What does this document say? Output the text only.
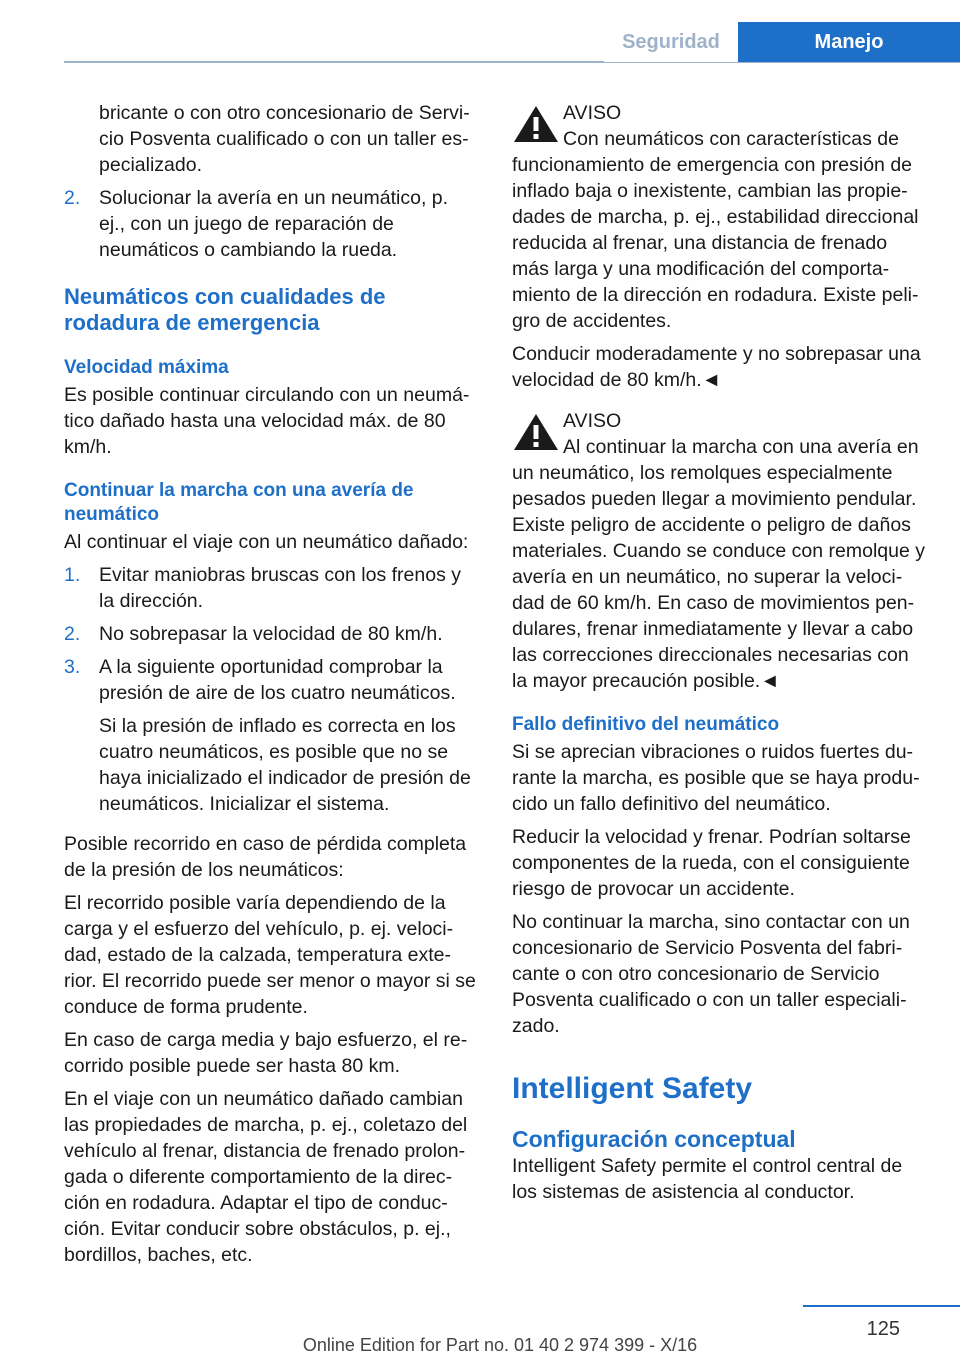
Seguridad	Manejo
bricante o con otro concesionario de Servi‐cio Posventa cualificado o con un taller es‐pecializado.
2. Solucionar la avería en un neumático, p. ej., con un juego de reparación de neumáticos o cambiando la rueda.
Neumáticos con cualidades de rodadura de emergencia
Velocidad máxima

Es posible continuar circulando con un neumá‐tico dañado hasta una velocidad máx. de 80 km/h.

Continuar la marcha con una avería de neumático

Al continuar el viaje con un neumático dañado:

1. Evitar maniobras bruscas con los frenos y la dirección.
2. No sobrepasar la velocidad de 80 km/h.
3. A la siguiente oportunidad comprobar la presión de aire de los cuatro neumáticos.

Si la presión de inflado es correcta en los cuatro neumáticos, es posible que no se haya inicializado el indicador de presión de neumáticos. Inicializar el sistema.

Posible recorrido en caso de pérdida completa de la presión de los neumáticos:

El recorrido posible varía dependiendo de la carga y el esfuerzo del vehículo, p. ej. veloci‐dad, estado de la calzada, temperatura exte‐rior. El recorrido puede ser menor o mayor si se conduce de forma prudente.

En caso de carga media y bajo esfuerzo, el re‐corrido posible puede ser hasta 80 km.

En el viaje con un neumático dañado cambian las propiedades de marcha, p. ej., coletazo del vehículo al frenar, distancia de frenado prolon‐gada o diferente comportamiento de la direc‐ción en rodadura. Adaptar el tipo de conduc‐ción. Evitar conducir sobre obstáculos, p. ej., bordillos, baches, etc.

AVISO

Con neumáticos con características de funcionamiento de emergencia con presión de inflado baja o inexistente, cambian las propie‐dades de marcha, p. ej., estabilidad direccional reducida al frenar, una distancia de frenado más larga y una modificación del comporta‐miento de la dirección en rodadura. Existe peli‐gro de accidentes.

Conducir moderadamente y no sobrepasar una velocidad de 80 km/h.◄

AVISO

Al continuar la marcha con una avería en un neumático, los remolques especialmente pesados pueden llegar a movimiento pendular. Existe peligro de accidente o peligro de daños materiales. Cuando se conduce con remolque y avería en un neumático, no superar la veloci‐dad de 60 km/h. En caso de movimientos pen‐dulares, frenar inmediatamente y llevar a cabo las correcciones direccionales necesarias con la mayor precaución posible.◄

Fallo definitivo del neumático

Si se aprecian vibraciones o ruidos fuertes du‐rante la marcha, es posible que se haya produ‐cido un fallo definitivo del neumático.

Reducir la velocidad y frenar. Podrían soltarse componentes de la rueda, con el consiguiente riesgo de provocar un accidente.

No continuar la marcha, sino contactar con un concesionario de Servicio Posventa del fabri‐cante o con otro concesionario de Servicio Posventa cualificado o con un taller especiali‐zado.

Intelligent Safety
Configuración conceptual

Intelligent Safety permite el control central de los sistemas de asistencia al conductor.

125
Online Edition for Part no. 01 40 2 974 399 - X/16
